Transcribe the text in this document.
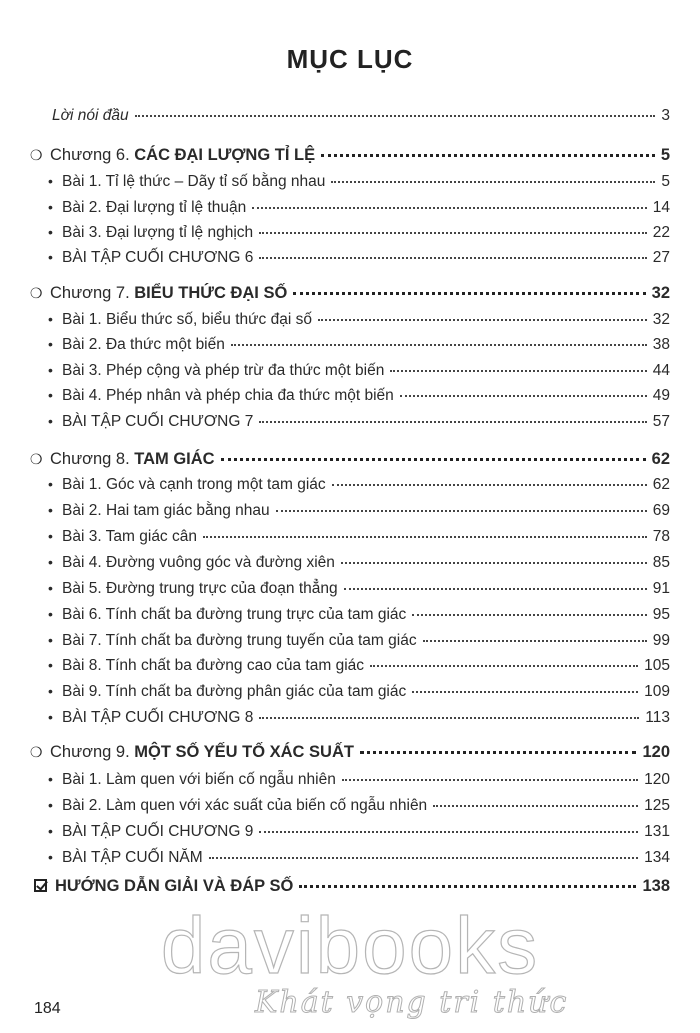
MỤC LỤC
Lời nói đầu	3
❍ Chương 6. CÁC ĐẠI LƯỢNG TỈ LỆ	5
• Bài 1. Tỉ lệ thức – Dãy tỉ số bằng nhau	5
• Bài 2. Đại lượng tỉ lệ thuận	14
• Bài 3. Đại lượng tỉ lệ nghịch	22
• BÀI TẬP CUỐI CHƯƠNG 6	27
❍ Chương 7. BIỂU THỨC ĐẠI SỐ	32
• Bài 1. Biểu thức số, biểu thức đại số	32
• Bài 2. Đa thức một biến	38
• Bài 3. Phép cộng và phép trừ đa thức một biến	44
• Bài 4. Phép nhân và phép chia đa thức một biến	49
• BÀI TẬP CUỐI CHƯƠNG 7	57
❍ Chương 8. TAM GIÁC	62
• Bài 1. Góc và cạnh trong một tam giác	62
• Bài 2. Hai tam giác bằng nhau	69
• Bài 3. Tam giác cân	78
• Bài 4. Đường vuông góc và đường xiên	85
• Bài 5. Đường trung trực của đoạn thẳng	91
• Bài 6. Tính chất ba đường trung trực của tam giác	95
• Bài 7. Tính chất ba đường trung tuyến của tam giác	99
• Bài 8. Tính chất ba đường cao của tam giác	105
• Bài 9. Tính chất ba đường phân giác của tam giác	109
• BÀI TẬP CUỐI CHƯƠNG 8	113
❍ Chương 9. MỘT SỐ YẾU TỐ XÁC SUẤT	120
• Bài 1. Làm quen với biến cố ngẫu nhiên	120
• Bài 2. Làm quen với xác suất của biến cố ngẫu nhiên	125
• BÀI TẬP CUỐI CHƯƠNG 9	131
• BÀI TẬP CUỐI NĂM	134
HƯỚNG DẪN GIẢI VÀ ĐÁP SỐ	138
davibooks
Khát vọng tri thức
184
